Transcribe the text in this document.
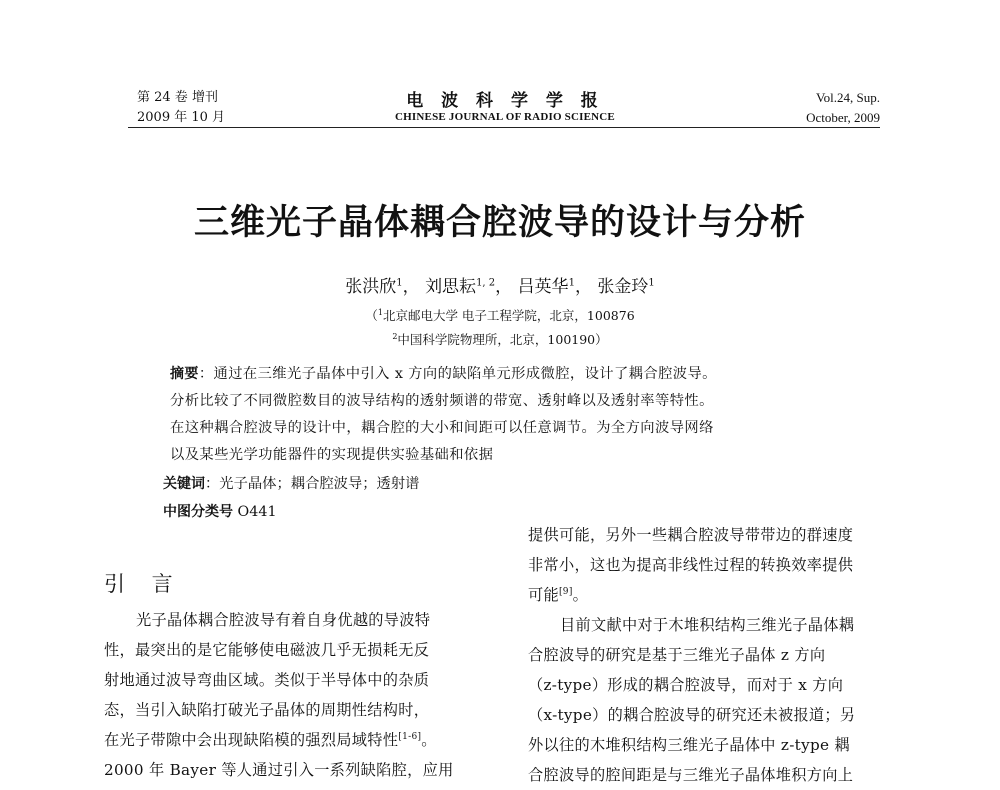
第 24 卷 增刊
2009 年 10 月
电 波 科 学 学 报
CHINESE JOURNAL OF RADIO SCIENCE
Vol.24, Sup.
October, 2009
三维光子晶体耦合腔波导的设计与分析
张洪欣$^1$， 刘思耘$^{1, 2}$， 吕英华$^1$， 张金玲$^1$
（$^1$北京邮电大学 电子工程学院，北京，100876
$^2$中国科学院物理所，北京，100190）
摘要：通过在三维光子晶体中引入 x 方向的缺陷单元形成微腔，设计了耦合腔波导。
分析比较了不同微腔数目的波导结构的透射频谱的带宽、透射峰以及透射率等特性。
在这种耦合腔波导的设计中，耦合腔的大小和间距可以任意调节。为全方向波导网络
以及某些光学功能器件的实现提供实验基础和依据
关键词：光子晶体；耦合腔波导；透射谱
中图分类号 O441
引 言
光子晶体耦合腔波导有着自身优越的导波特
性，最突出的是它能够使电磁波几乎无损耗无反
射地通过波导弯曲区域。类似于半导体中的杂质
态，当引入缺陷打破光子晶体的周期性结构时，
在光子带隙中会出现缺陷模的强烈局域特性[1-6]。
2000 年 Bayer 等人通过引入一系列缺陷腔，应用
提供可能，另外一些耦合腔波导带带边的群速度
非常小，这也为提高非线性过程的转换效率提供
可能[9]。
目前文献中对于木堆积结构三维光子晶体耦
合腔波导的研究是基于三维光子晶体 z 方向
（z-type）形成的耦合腔波导，而对于 x 方向
（x-type）的耦合腔波导的研究还未被报道；另
外以往的木堆积结构三维光子晶体中 z-type 耦
合腔波导的腔间距是与三维光子晶体堆积方向上
